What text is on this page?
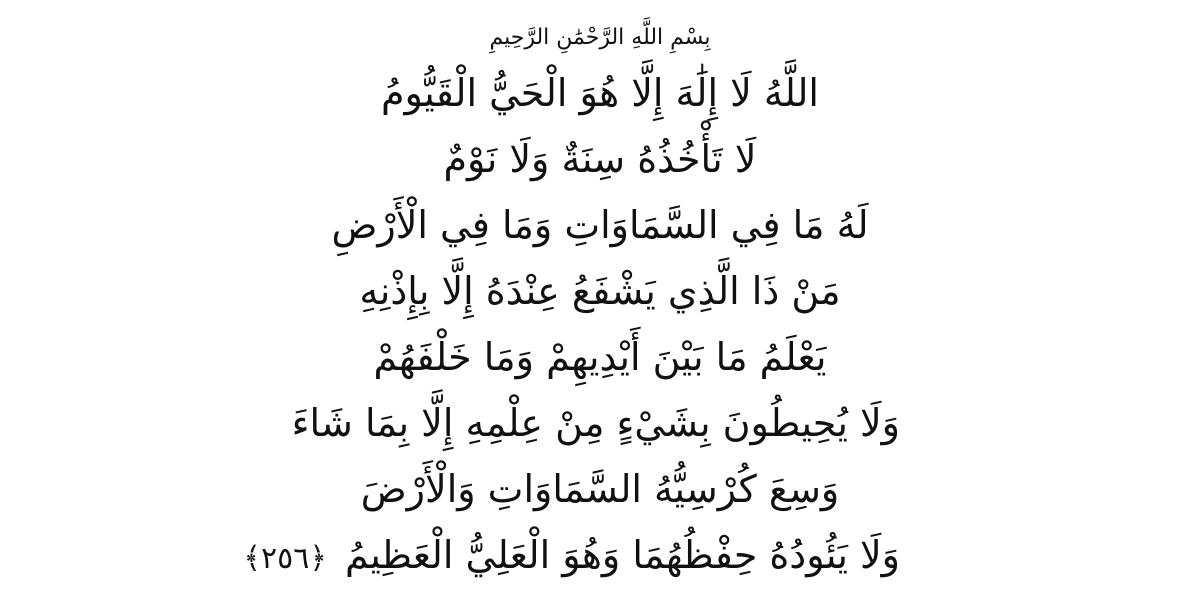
بِسْمِ اللَّهِ الرَّحْمَٰنِ الرَّحِيمِ
اللَّهُ لَا إِلَٰهَ إِلَّا هُوَ الْحَيُّ الْقَيُّومُ
لَا تَأْخُذُهُ سِنَةٌ وَلَا نَوْمٌ
لَهُ مَا فِي السَّمَاوَاتِ وَمَا فِي الْأَرْضِ
مَنْ ذَا الَّذِي يَشْفَعُ عِنْدَهُ إِلَّا بِإِذْنِهِ
يَعْلَمُ مَا بَيْنَ أَيْدِيهِمْ وَمَا خَلْفَهُمْ
وَلَا يُحِيطُونَ بِشَيْءٍ مِنْ عِلْمِهِ إِلَّا بِمَا شَاءَ
وَسِعَ كُرْسِيُّهُ السَّمَاوَاتِ وَالْأَرْضَ
وَلَا يَئُودُهُ حِفْظُهُمَا وَهُوَ الْعَلِيُّ الْعَظِيمُ ﴿٢٥٦﴾
